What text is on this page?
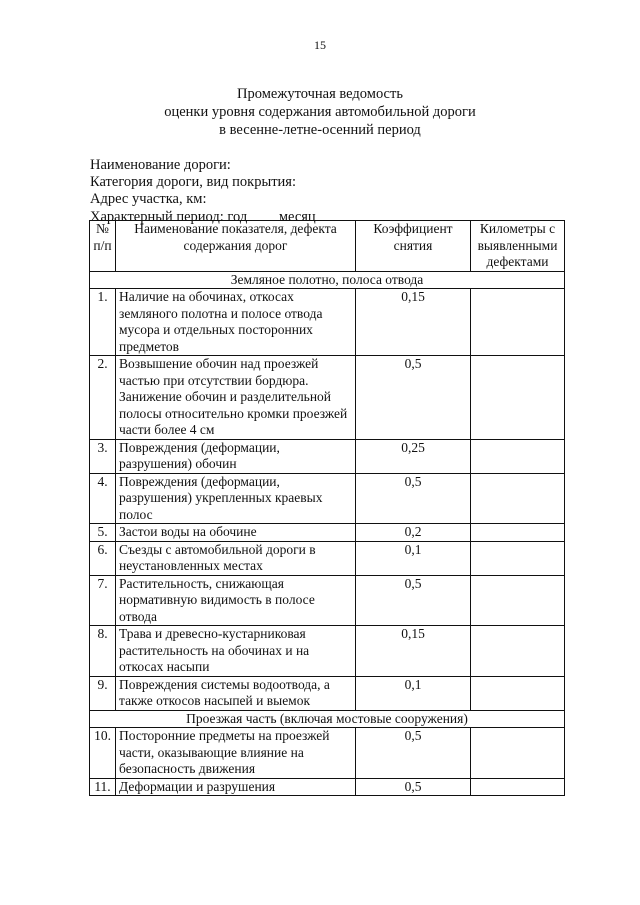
15
Промежуточная ведомость
оценки уровня содержания автомобильной дороги
в весенне-летне-осенний период
Наименование дороги:
Категория дороги, вид покрытия:
Адрес участка, км:
Характерный период: год месяц
№ п/п	Наименование показателя, дефекта содержания дорог	Коэффициент снятия	Километры с выявленными дефектами
Земляное полотно, полоса отвода			
1.	Наличие на обочинах, откосах земляного полотна и полосе отвода мусора и отдельных посторонних предметов	0,15	
2.	Возвышение обочин над проезжей частью при отсутствии бордюра. Занижение обочин и разделительной полосы относительно кромки проезжей части более 4 см	0,5	
3.	Повреждения (деформации, разрушения) обочин	0,25	
4.	Повреждения (деформации, разрушения) укрепленных краевых полос	0,5	
5.	Застои воды на обочине	0,2	
6.	Съезды с автомобильной дороги в неустановленных местах	0,1	
7.	Растительность, снижающая нормативную видимость в полосе отвода	0,5	
8.	Трава и древесно-кустарниковая растительность на обочинах и на откосах насыпи	0,15	
9.	Повреждения системы водоотвода, а также откосов насыпей и выемок	0,1	
Проезжая часть (включая мостовые сооружения)			
10.	Посторонние предметы на проезжей части, оказывающие влияние на безопасность движения	0,5	
11.	Деформации и разрушения	0,5	
